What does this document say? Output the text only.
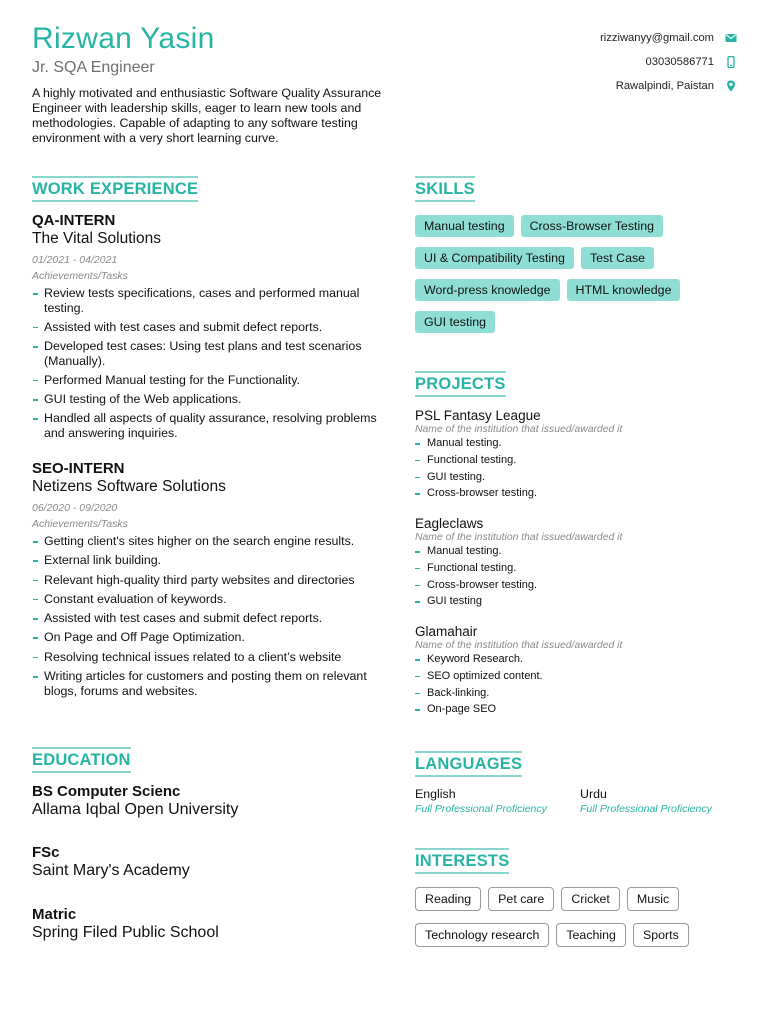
Rizwan Yasin
Jr. SQA Engineer
A highly motivated and enthusiastic Software Quality Assurance Engineer with leadership skills, eager to learn new tools and methodologies. Capable of adapting to any software testing environment with a very short learning curve.
rizziwanyy@gmail.com
03030586771
Rawalpindi, Paistan
WORK EXPERIENCE
QA-INTERN
The Vital Solutions
01/2021 - 04/2021
Achievements/Tasks
Review tests specifications, cases and performed manual testing.
Assisted with test cases and submit defect reports.
Developed test cases: Using test plans and test scenarios (Manually).
Performed Manual testing for the Functionality.
GUI testing of the Web applications.
Handled all aspects of quality assurance, resolving problems and answering inquiries.
SEO-INTERN
Netizens Software Solutions
06/2020 - 09/2020
Achievements/Tasks
Getting client's sites higher on the search engine results.
External link building.
Relevant high-quality third party websites and directories
Constant evaluation of keywords.
Assisted with test cases and submit defect reports.
On Page and Off Page Optimization.
Resolving technical issues related to a client’s website
Writing articles for customers and posting them on relevant blogs, forums and websites.
EDUCATION
BS Computer Scienc
Allama Iqbal Open University
FSc
Saint Mary's Academy
Matric
Spring Filed Public School
SKILLS
Manual testing	Cross-Browser Testing
UI & Compatibility Testing	Test Case
Word-press knowledge	HTML knowledge
GUI testing
PROJECTS
PSL Fantasy League
Name of the institution that issued/awarded it
Manual testing.
Functional testing.
GUI testing.
Cross-browser testing.
Eagleclaws
Name of the institution that issued/awarded it
Manual testing.
Functional testing.
Cross-browser testing.
GUI testing
Glamahair
Name of the institution that issued/awarded it
Keyword Research.
SEO optimized content.
Back-linking.
On-page SEO
LANGUAGES
English
Full Professional Proficiency
Urdu
Full Professional Proficiency
INTERESTS
Reading	Pet care	Cricket	Music
Technology research	Teaching	Sports
